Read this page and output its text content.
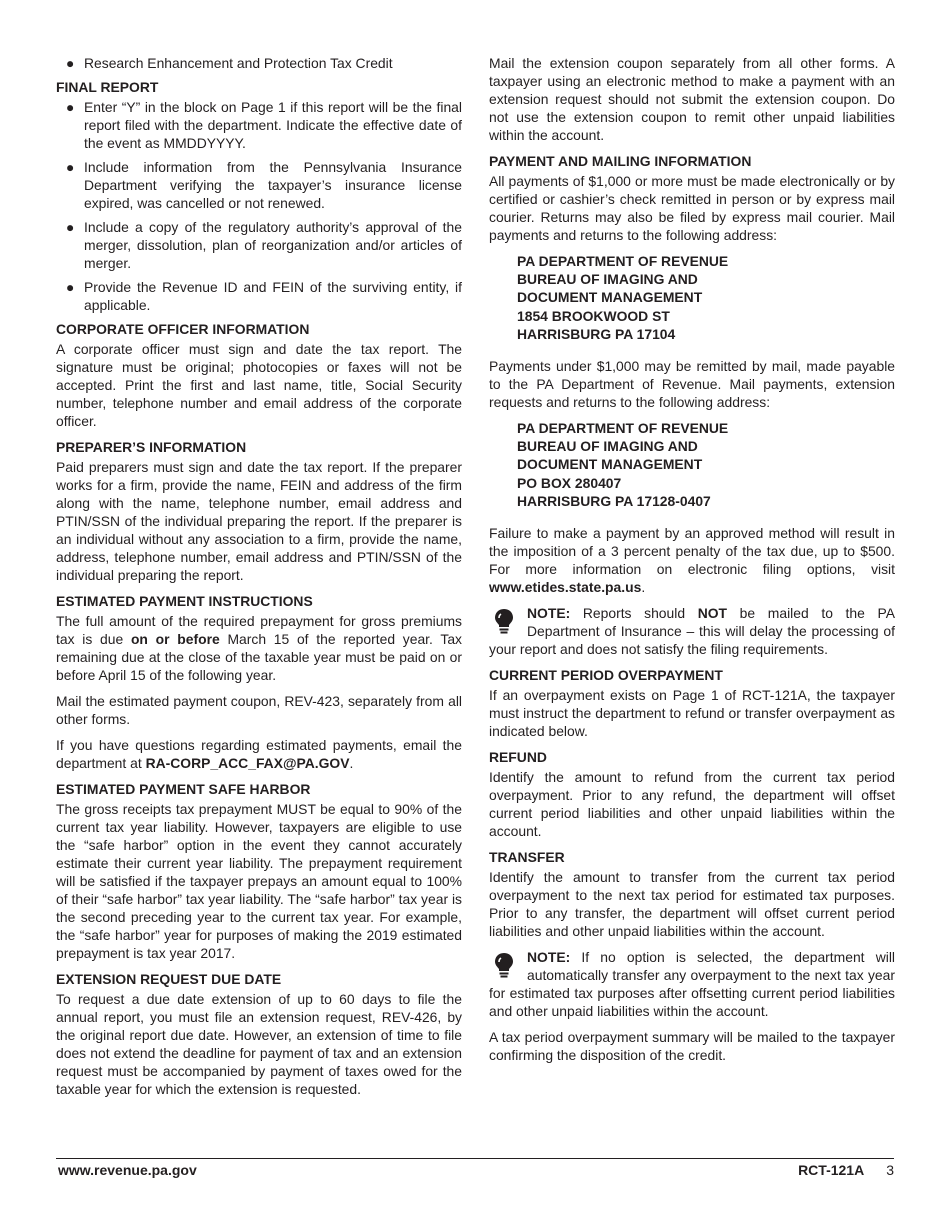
● Research Enhancement and Protection Tax Credit
FINAL REPORT
● Enter “Y” in the block on Page 1 if this report will be the final report filed with the department. Indicate the effective date of the event as MMDDYYYY.
● Include information from the Pennsylvania Insurance Department verifying the taxpayer’s insurance license expired, was cancelled or not renewed.
● Include a copy of the regulatory authority’s approval of the merger, dissolution, plan of reorganization and/or articles of merger.
● Provide the Revenue ID and FEIN of the surviving entity, if applicable.
CORPORATE OFFICER INFORMATION

A corporate officer must sign and date the tax report. The signature must be original; photocopies or faxes will not be accepted. Print the first and last name, title, Social Security number, telephone number and email address of the corporate officer.

PREPARER’S INFORMATION

Paid preparers must sign and date the tax report. If the preparer works for a firm, provide the name, FEIN and address of the firm along with the name, telephone number, email address and PTIN/SSN of the individual preparing the report. If the preparer is an individual without any association to a firm, provide the name, address, telephone number, email address and PTIN/SSN of the individual preparing the report.

ESTIMATED PAYMENT INSTRUCTIONS

The full amount of the required prepayment for gross premiums tax is due on or before March 15 of the reported year. Tax remaining due at the close of the taxable year must be paid on or before April 15 of the following year.

Mail the estimated payment coupon, REV-423, separately from all other forms.

If you have questions regarding estimated payments, email the department at RA-CORP_ACC_FAX@PA.GOV.

ESTIMATED PAYMENT SAFE HARBOR

The gross receipts tax prepayment MUST be equal to 90% of the current tax year liability. However, taxpayers are eligible to use the “safe harbor” option in the event they cannot accurately estimate their current year liability. The prepayment requirement will be satisfied if the taxpayer prepays an amount equal to 100% of their “safe harbor” tax year liability. The “safe harbor” tax year is the second preceding year to the current tax year. For example, the “safe harbor” year for purposes of making the 2019 estimated prepayment is tax year 2017.

EXTENSION REQUEST DUE DATE

To request a due date extension of up to 60 days to file the annual report, you must file an extension request, REV-426, by the original report due date. However, an extension of time to file does not extend the deadline for payment of tax and an extension request must be accompanied by payment of taxes owed for the taxable year for which the extension is requested.

Mail the extension coupon separately from all other forms. A taxpayer using an electronic method to make a payment with an extension request should not submit the extension coupon. Do not use the extension coupon to remit other unpaid liabilities within the account.

PAYMENT AND MAILING INFORMATION

All payments of $1,000 or more must be made electronically or by certified or cashier’s check remitted in person or by express mail courier. Returns may also be filed by express mail courier. Mail payments and returns to the following address:

PA DEPARTMENT OF REVENUE
BUREAU OF IMAGING AND
DOCUMENT MANAGEMENT
1854 BROOKWOOD ST
HARRISBURG PA 17104

Payments under $1,000 may be remitted by mail, made payable to the PA Department of Revenue. Mail payments, extension requests and returns to the following address:

PA DEPARTMENT OF REVENUE
BUREAU OF IMAGING AND
DOCUMENT MANAGEMENT
PO BOX 280407
HARRISBURG PA 17128-0407

Failure to make a payment by an approved method will result in the imposition of a 3 percent penalty of the tax due, up to $500. For more information on electronic filing options, visit www.etides.state.pa.us.

NOTE: Reports should NOT be mailed to the PA Department of Insurance – this will delay the processing of your report and does not satisfy the filing requirements.
CURRENT PERIOD OVERPAYMENT

If an overpayment exists on Page 1 of RCT-121A, the taxpayer must instruct the department to refund or transfer overpayment as indicated below.

REFUND

Identify the amount to refund from the current tax period overpayment. Prior to any refund, the department will offset current period liabilities and other unpaid liabilities within the account.

TRANSFER

Identify the amount to transfer from the current tax period overpayment to the next tax period for estimated tax purposes. Prior to any transfer, the department will offset current period liabilities and other unpaid liabilities within the account.

NOTE: If no option is selected, the department will automatically transfer any overpayment to the next tax year for estimated tax purposes after offsetting current period liabilities and other unpaid liabilities within the account.

A tax period overpayment summary will be mailed to the taxpayer confirming the disposition of the credit.

www.revenue.pa.gov	RCT-121A 3
